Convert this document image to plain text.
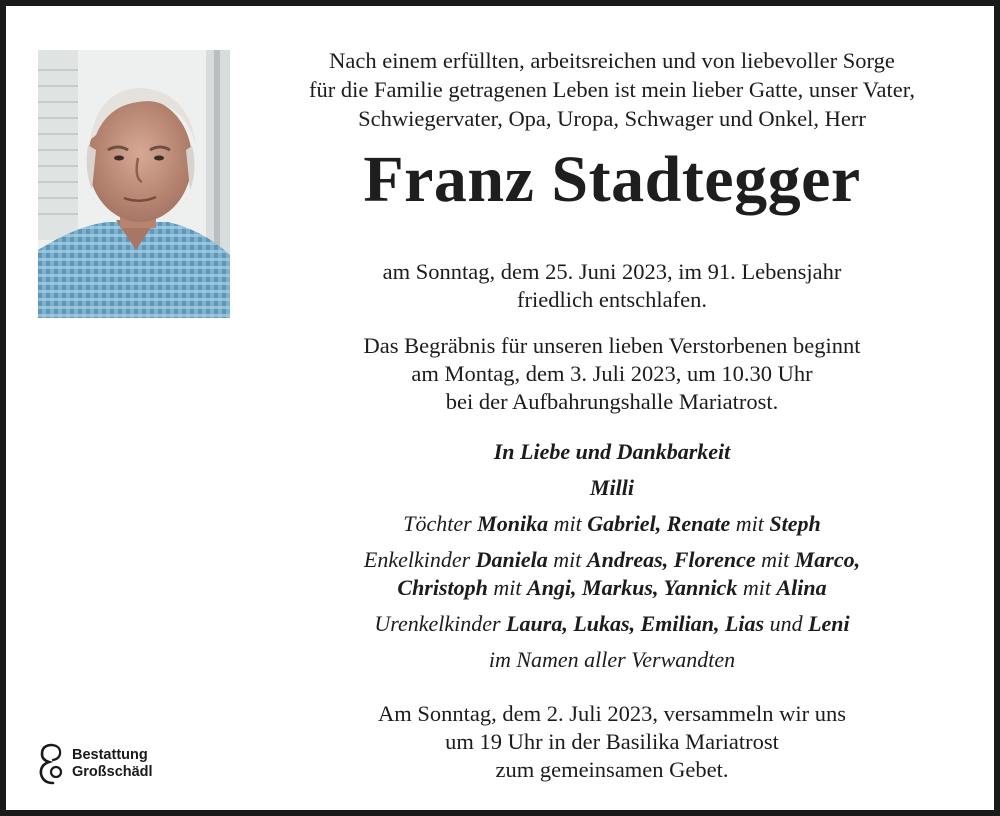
Nach einem erfüllten, arbeitsreichen und von liebevoller Sorge

für die Familie getragenen Leben ist mein lieber Gatte, unser Vater,

Schwiegervater, Opa, Uropa, Schwager und Onkel, Herr

Franz Stadtegger

am Sonntag, dem 25. Juni 2023, im 91. Lebensjahr

friedlich entschlafen.

Das Begräbnis für unseren lieben Verstorbenen beginnt

am Montag, dem 3. Juli 2023, um 10.30 Uhr

bei der Aufbahrungshalle Mariatrost.

In Liebe und Dankbarkeit
Milli
Töchter Monika mit Gabriel, Renate mit Steph
Enkelkinder Daniela mit Andreas, Florence mit Marco,
Christoph mit Angi, Markus, Yannick mit Alina
Urenkelkinder Laura, Lukas, Emilian, Lias und Leni
im Namen aller Verwandten

Am Sonntag, dem 2. Juli 2023, versammeln wir uns

um 19 Uhr in der Basilika Mariatrost

zum gemeinsamen Gebet.

Bestattung
Großschädl
